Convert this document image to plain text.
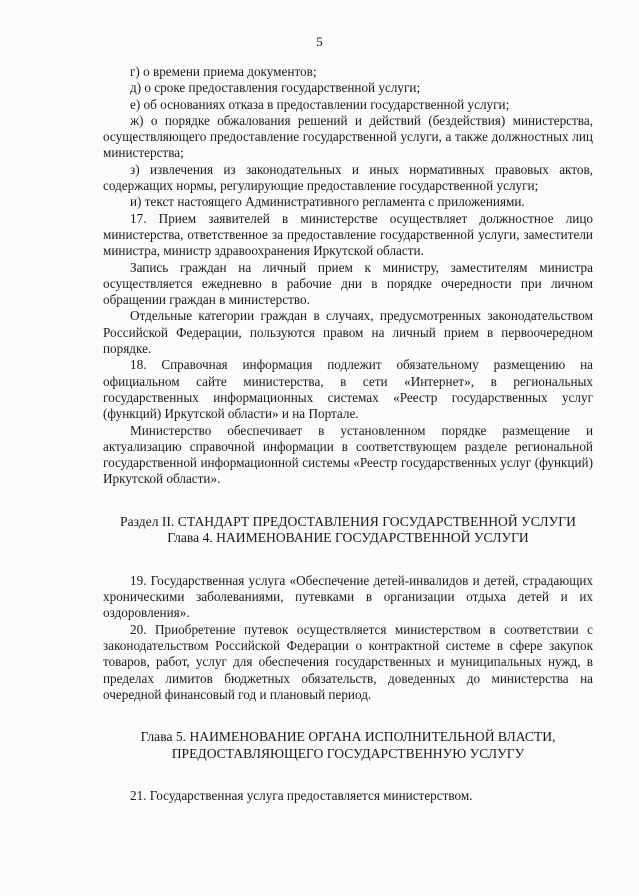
5

г) о времени приема документов;

д) о сроке предоставления государственной услуги;

е) об основаниях отказа в предоставлении государственной услуги;

ж) о порядке обжалования решений и действий (бездействия) министерства, осуществляющего предоставление государственной услуги, а также должностных лиц министерства;

з) извлечения из законодательных и иных нормативных правовых актов, содержащих нормы, регулирующие предоставление государственной услуги;

и) текст настоящего Административного регламента с приложениями.

17. Прием заявителей в министерстве осуществляет должностное лицо министерства, ответственное за предоставление государственной услуги, заместители министра, министр здравоохранения Иркутской области.

Запись граждан на личный прием к министру, заместителям министра осуществляется ежедневно в рабочие дни в порядке очередности при личном обращении граждан в министерство.

Отдельные категории граждан в случаях, предусмотренных законодательством Российской Федерации, пользуются правом на личный прием в первоочередном порядке.

18. Справочная информация подлежит обязательному размещению на официальном сайте министерства, в сети «Интернет», в региональных государственных информационных системах «Реестр государственных услуг (функций) Иркутской области» и на Портале.

Министерство обеспечивает в установленном порядке размещение и актуализацию справочной информации в соответствующем разделе региональной государственной информационной системы «Реестр государственных услуг (функций) Иркутской области».

Раздел II. СТАНДАРТ ПРЕДОСТАВЛЕНИЯ ГОСУДАРСТВЕННОЙ УСЛУГИ

Глава 4. НАИМЕНОВАНИЕ ГОСУДАРСТВЕННОЙ УСЛУГИ

19. Государственная услуга «Обеспечение детей-инвалидов и детей, страдающих хроническими заболеваниями, путевками в организации отдыха детей и их оздоровления».

20. Приобретение путевок осуществляется министерством в соответствии с законодательством Российской Федерации о контрактной системе в сфере закупок товаров, работ, услуг для обеспечения государственных и муниципальных нужд, в пределах лимитов бюджетных обязательств, доведенных до министерства на очередной финансовый год и плановый период.

Глава 5. НАИМЕНОВАНИЕ ОРГАНА ИСПОЛНИТЕЛЬНОЙ ВЛАСТИ, ПРЕДОСТАВЛЯЮЩЕГО ГОСУДАРСТВЕННУЮ УСЛУГУ

21. Государственная услуга предоставляется министерством.
